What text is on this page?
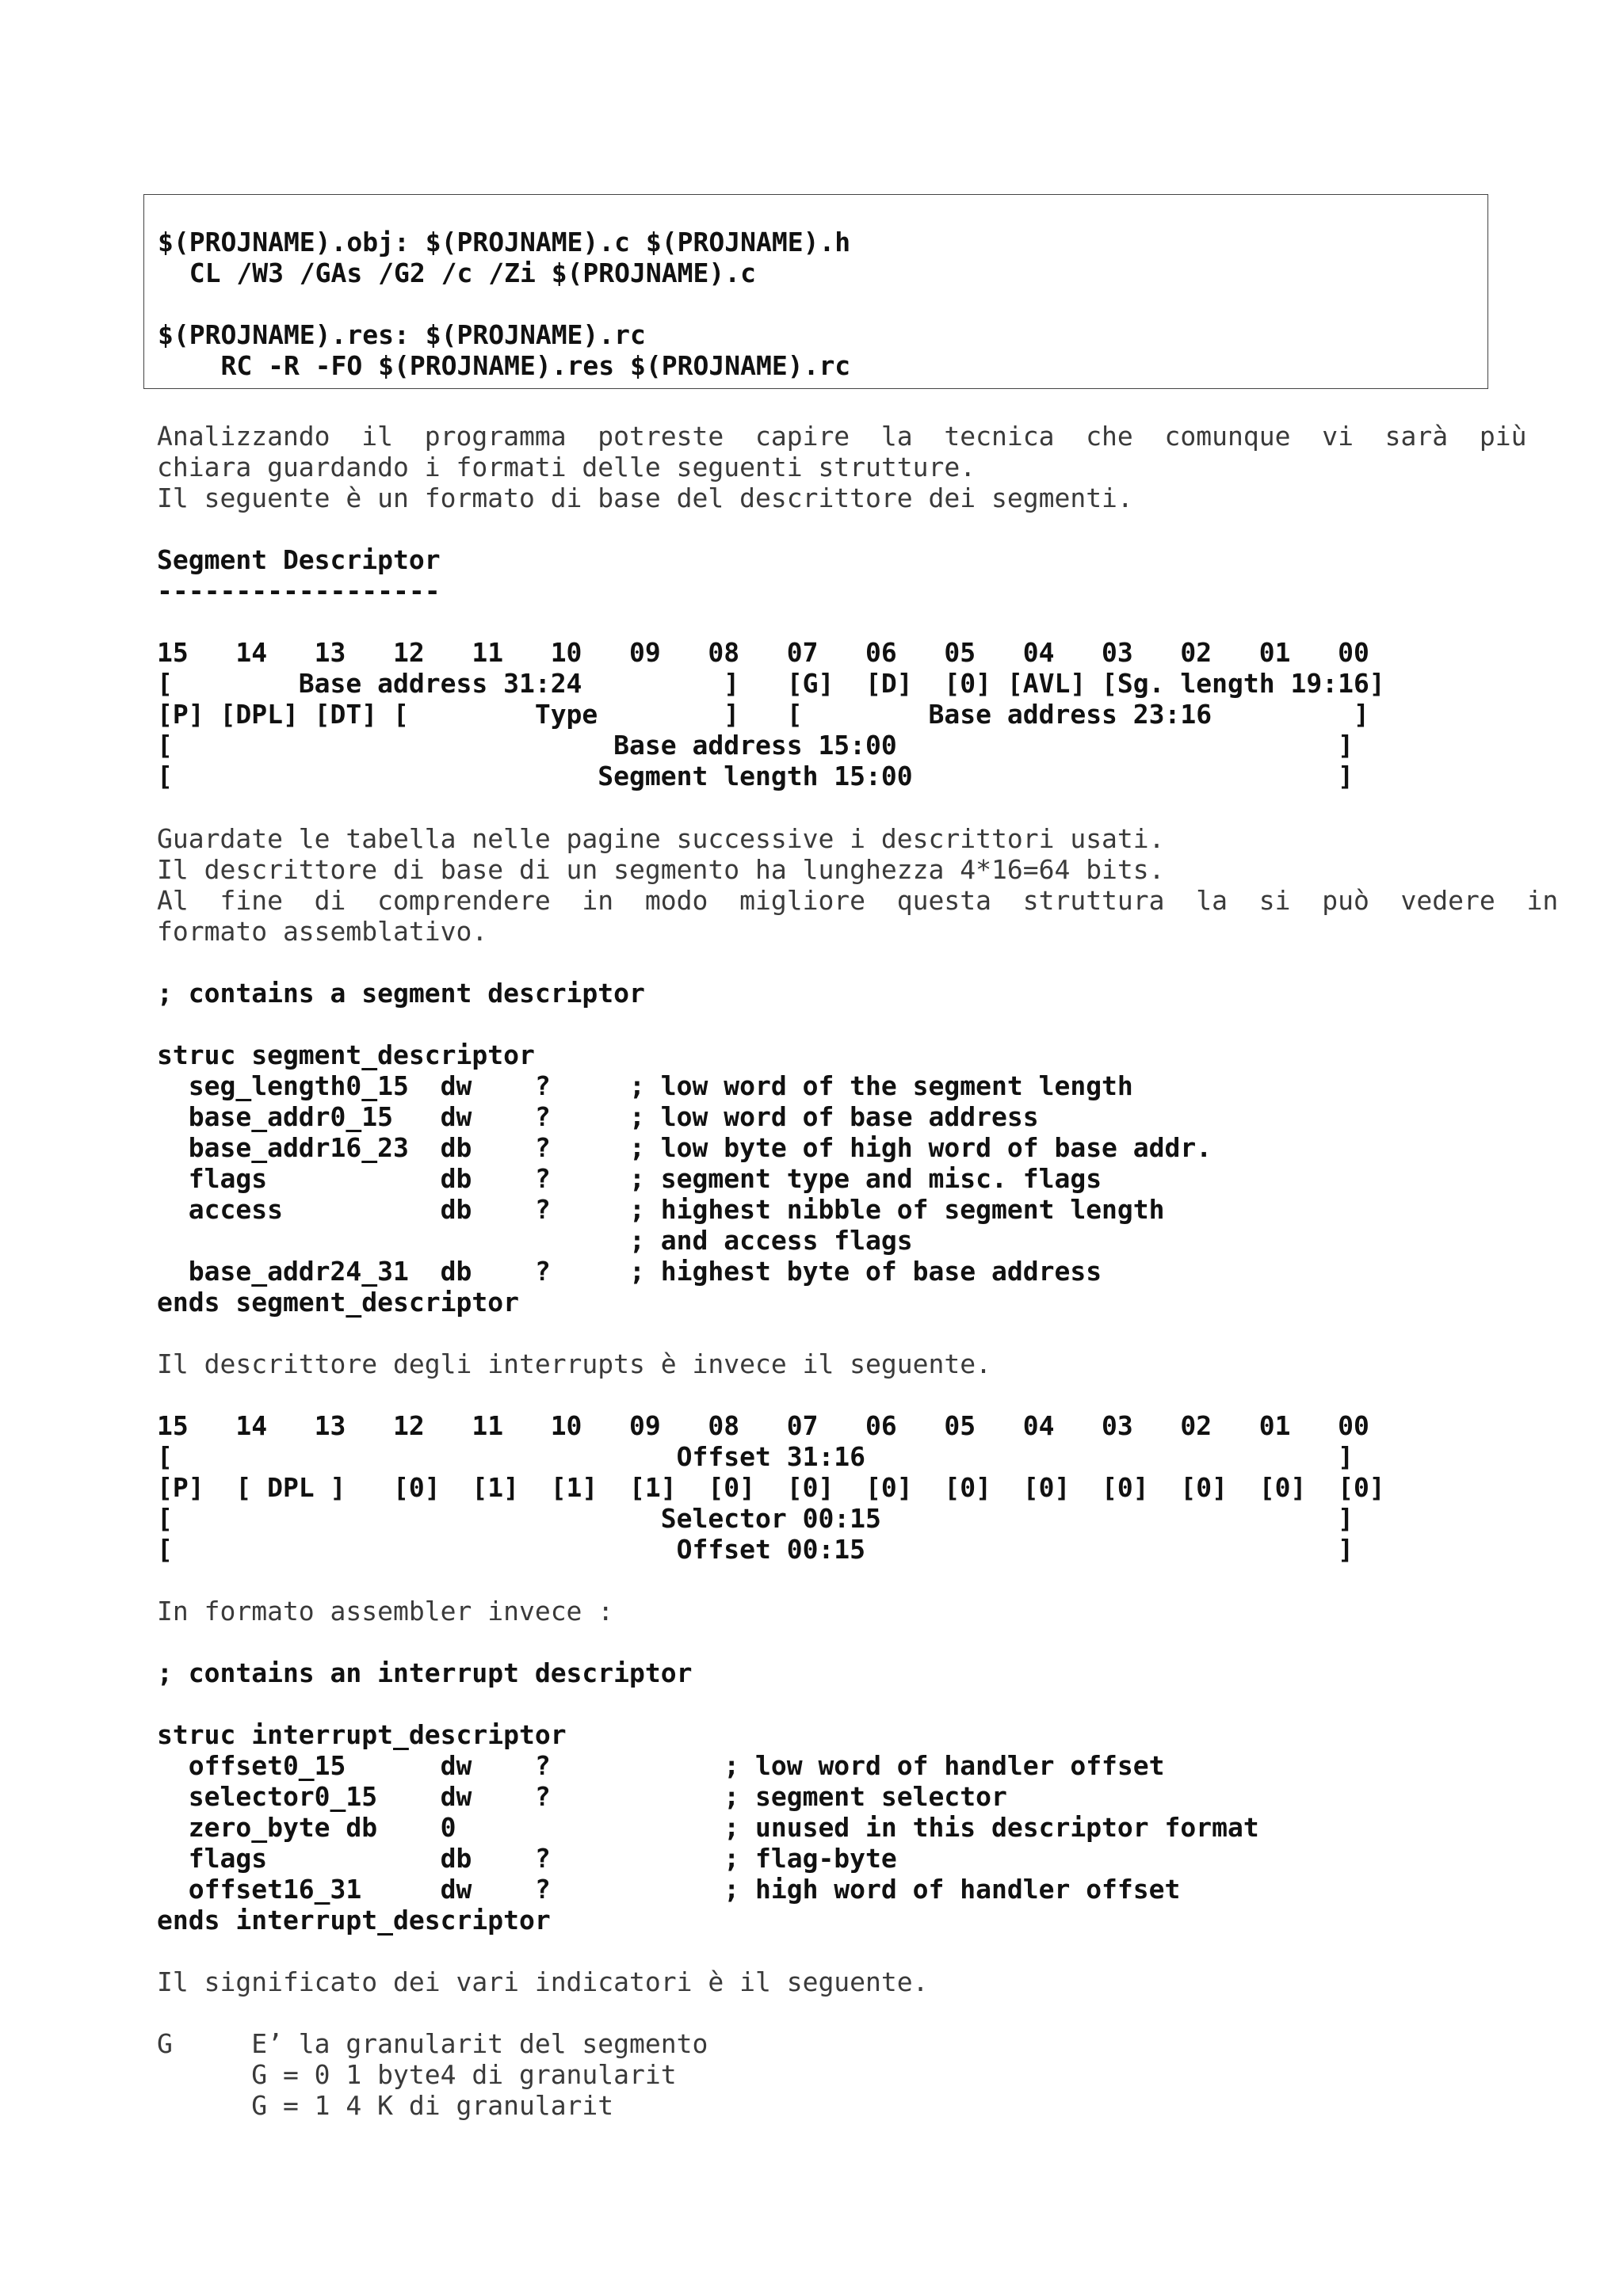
$(PROJNAME).obj: $(PROJNAME).c $(PROJNAME).h
CL /W3 /GAs /G2 /c /Zi $(PROJNAME).c

$(PROJNAME).res: $(PROJNAME).rc
RC -R -FO $(PROJNAME).res $(PROJNAME).rc
Analizzando  il  programma  potreste  capire  la  tecnica  che  comunque  vi  sarà  più
chiara guardando i formati delle seguenti strutture.
Il seguente è un formato di base del descrittore dei segmenti.
Segment Descriptor
------------------
15   14   13   12   11   10   09   08   07   06   05   04   03   02   01   00
[        Base address 31:24         ]   [G]  [D]  [0] [AVL] [Sg. length 19:16]
[P] [DPL] [DT] [        Type        ]   [        Base address 23:16         ]
[                            Base address 15:00                            ]
[                           Segment length 15:00                           ]
Guardate le tabella nelle pagine successive i descrittori usati.
Il descrittore di base di un segmento ha lunghezza 4*16=64 bits.
Al  fine  di  comprendere  in  modo  migliore  questa  struttura  la  si  può  vedere  in
formato assemblativo.
; contains a segment descriptor
struc segment_descriptor
seg_length0_15  dw    ?     ; low word of the segment length
base_addr0_15   dw    ?     ; low word of base address
base_addr16_23  db    ?     ; low byte of high word of base addr.
flags           db    ?     ; segment type and misc. flags
access          db    ?     ; highest nibble of segment length
; and access flags
base_addr24_31  db    ?     ; highest byte of base address
ends segment_descriptor
Il descrittore degli interrupts è invece il seguente.
15   14   13   12   11   10   09   08   07   06   05   04   03   02   01   00
[                                Offset 31:16                              ]
[P]  [ DPL ]   [0]  [1]  [1]  [1]  [0]  [0]  [0]  [0]  [0]  [0]  [0]  [0]  [0]
[                               Selector 00:15                             ]
[                                Offset 00:15                              ]
In formato assembler invece :
; contains an interrupt descriptor
struc interrupt_descriptor
offset0_15      dw    ?           ; low word of handler offset
selector0_15    dw    ?           ; segment selector
zero_byte db    0                 ; unused in this descriptor format
flags           db    ?           ; flag-byte
offset16_31     dw    ?           ; high word of handler offset
ends interrupt_descriptor
Il significato dei vari indicatori è il seguente.
G     E’ la granularit del segmento
G = 0 1 byte4 di granularit
G = 1 4 K di granularit
